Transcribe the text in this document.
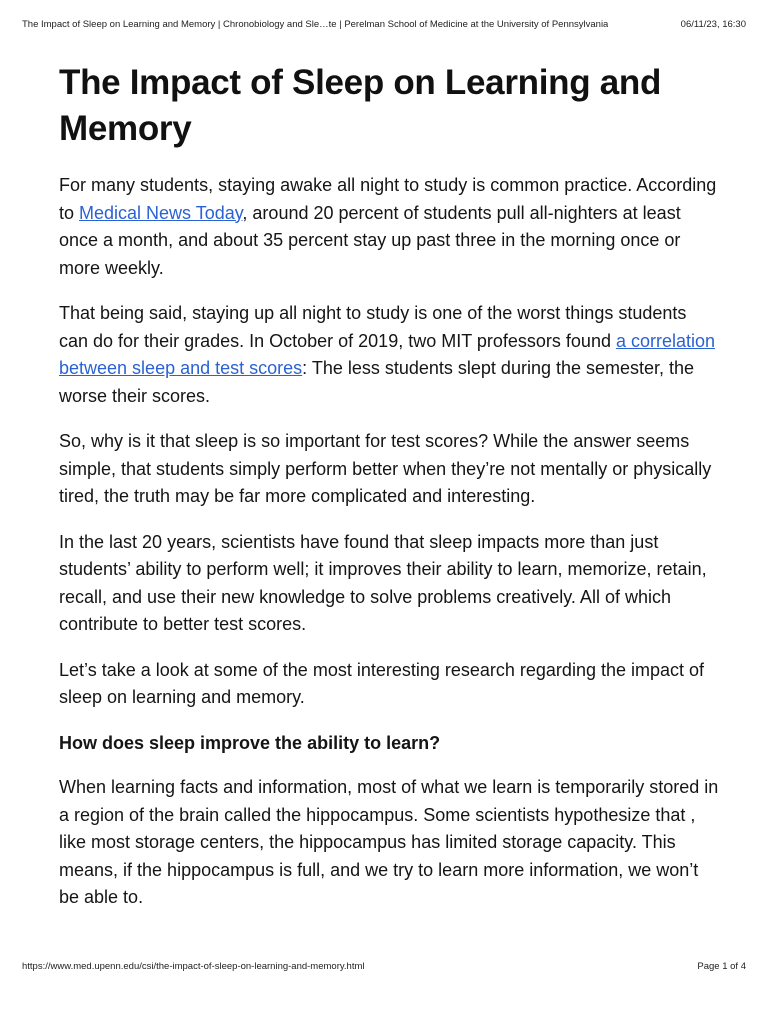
The Impact of Sleep on Learning and Memory | Chronobiology and Sle…te | Perelman School of Medicine at the University of Pennsylvania	06/11/23, 16:30
The Impact of Sleep on Learning and Memory

For many students, staying awake all night to study is common practice. According to Medical News Today, around 20 percent of students pull all-nighters at least once a month, and about 35 percent stay up past three in the morning once or more weekly.

That being said, staying up all night to study is one of the worst things students can do for their grades. In October of 2019, two MIT professors found a correlation between sleep and test scores: The less students slept during the semester, the worse their scores.

So, why is it that sleep is so important for test scores? While the answer seems simple, that students simply perform better when they’re not mentally or physically tired, the truth may be far more complicated and interesting.

In the last 20 years, scientists have found that sleep impacts more than just students’ ability to perform well; it improves their ability to learn, memorize, retain, recall, and use their new knowledge to solve problems creatively. All of which contribute to better test scores.

Let’s take a look at some of the most interesting research regarding the impact of sleep on learning and memory.

How does sleep improve the ability to learn?

When learning facts and information, most of what we learn is temporarily stored in a region of the brain called the hippocampus. Some scientists hypothesize that , like most storage centers, the hippocampus has limited storage capacity. This means, if the hippocampus is full, and we try to learn more information, we won’t be able to.

https://www.med.upenn.edu/csi/the-impact-of-sleep-on-learning-and-memory.html	Page 1 of 4
